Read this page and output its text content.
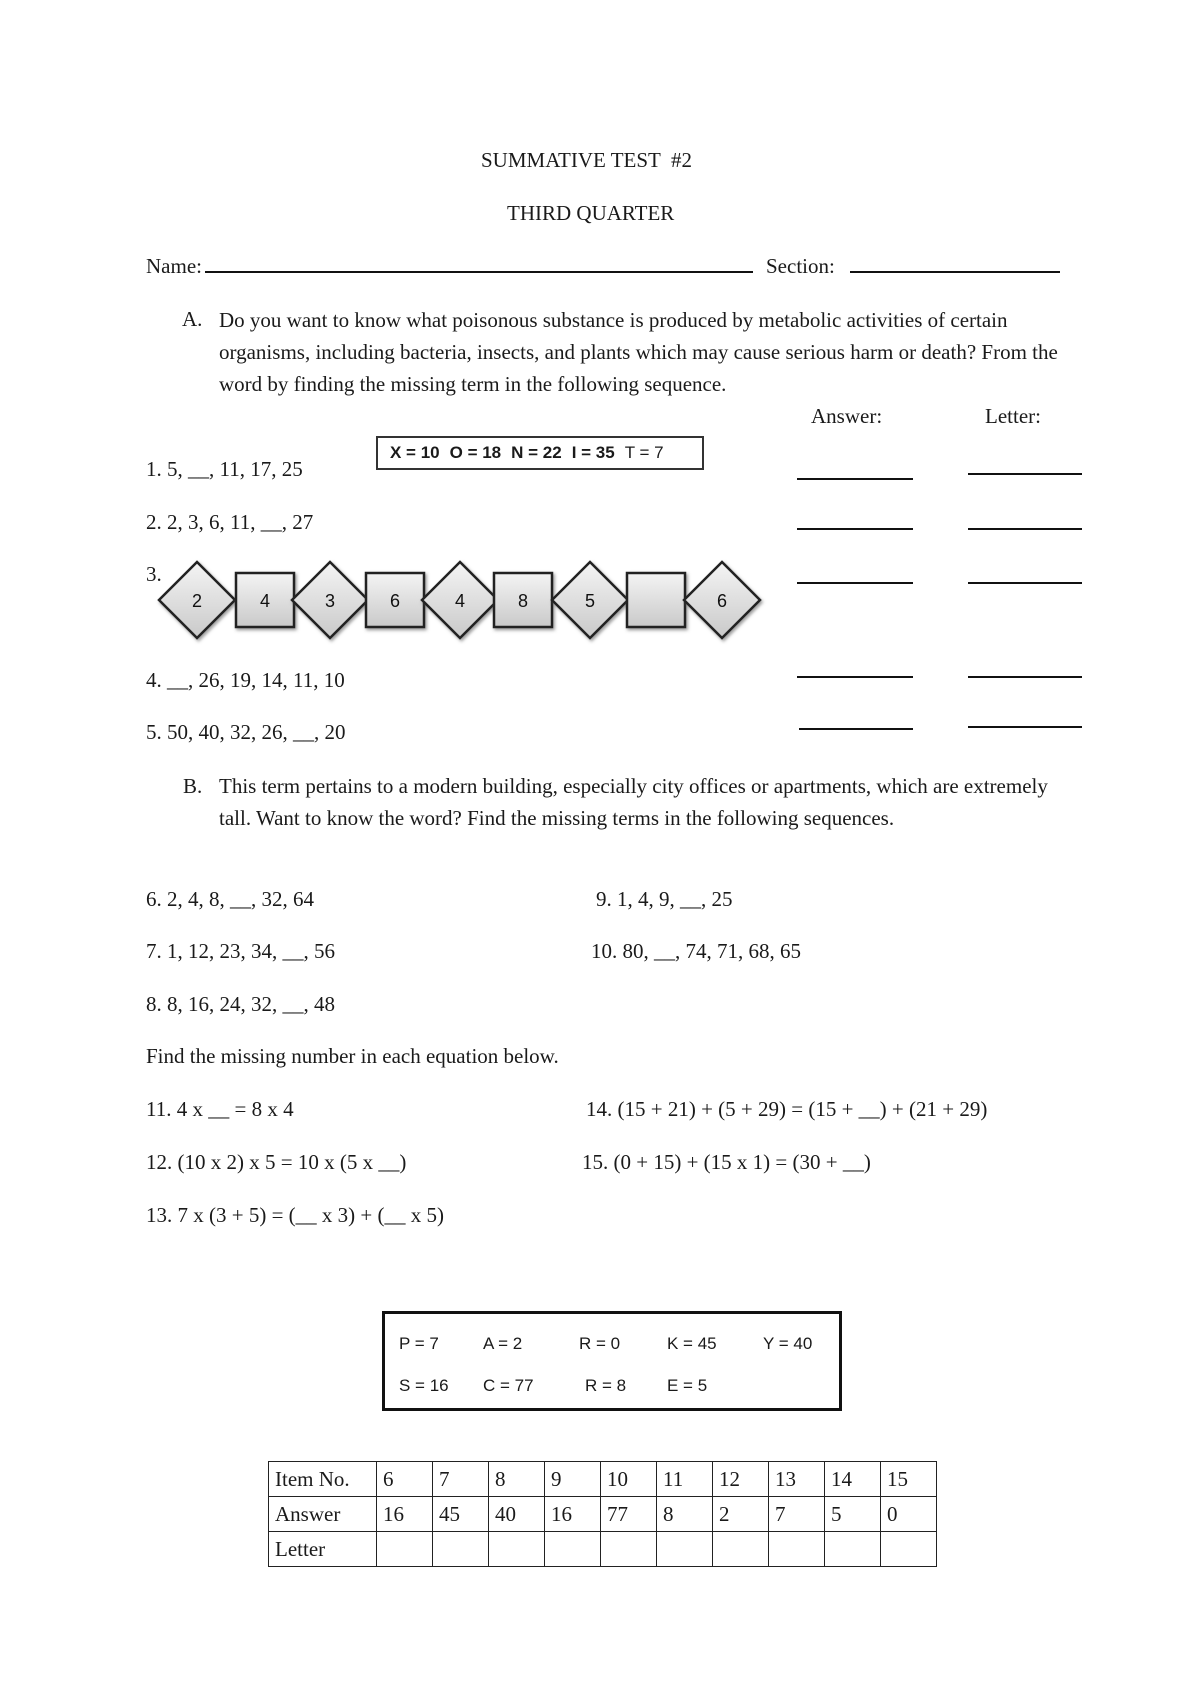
SUMMATIVE TEST  #2
THIRD QUARTER
Name:	Section:
A. Do you want to know what poisonous substance is produced by metabolic activities of certain organisms, including bacteria, insects, and plants which may cause serious harm or death? From the word by finding the missing term in the following sequence.
Answer:	Letter:
X = 10 O = 18 N = 22 I = 35 T = 7
1. 5, __, 11, 17, 25
2. 2, 3, 6, 11, __, 27
3.
4. __, 26, 19, 14, 11, 10
5. 50, 40, 32, 26, __, 20
2	4	3	6	4	8	5	6
B. This term pertains to a modern building, especially city offices or apartments, which are extremely tall. Want to know the word? Find the missing terms in the following sequences.
6. 2, 4, 8, __, 32, 64
7. 1, 12, 23, 34, __, 56
8. 8, 16, 24, 32, __, 48
9. 1, 4, 9, __, 25
10. 80, __, 74, 71, 68, 65
Find the missing number in each equation below.
11. 4 x __ = 8 x 4
12. (10 x 2) x 5 = 10 x (5 x __)
13. 7 x (3 + 5) = (__ x 3) + (__ x 5)
14. (15 + 21) + (5 + 29) = (15 + __) + (21 + 29)
15. (0 + 15) + (15 x 1) = (30 + __)
P = 7	A = 2	R = 0	K = 45	Y = 40
S = 16 C = 77	R = 8 E = 5
Item No.	6	7	8	9	10	11	12	13	14	15
Answer	16	45	40	16	77	8	2	7	5	0
Letter										
